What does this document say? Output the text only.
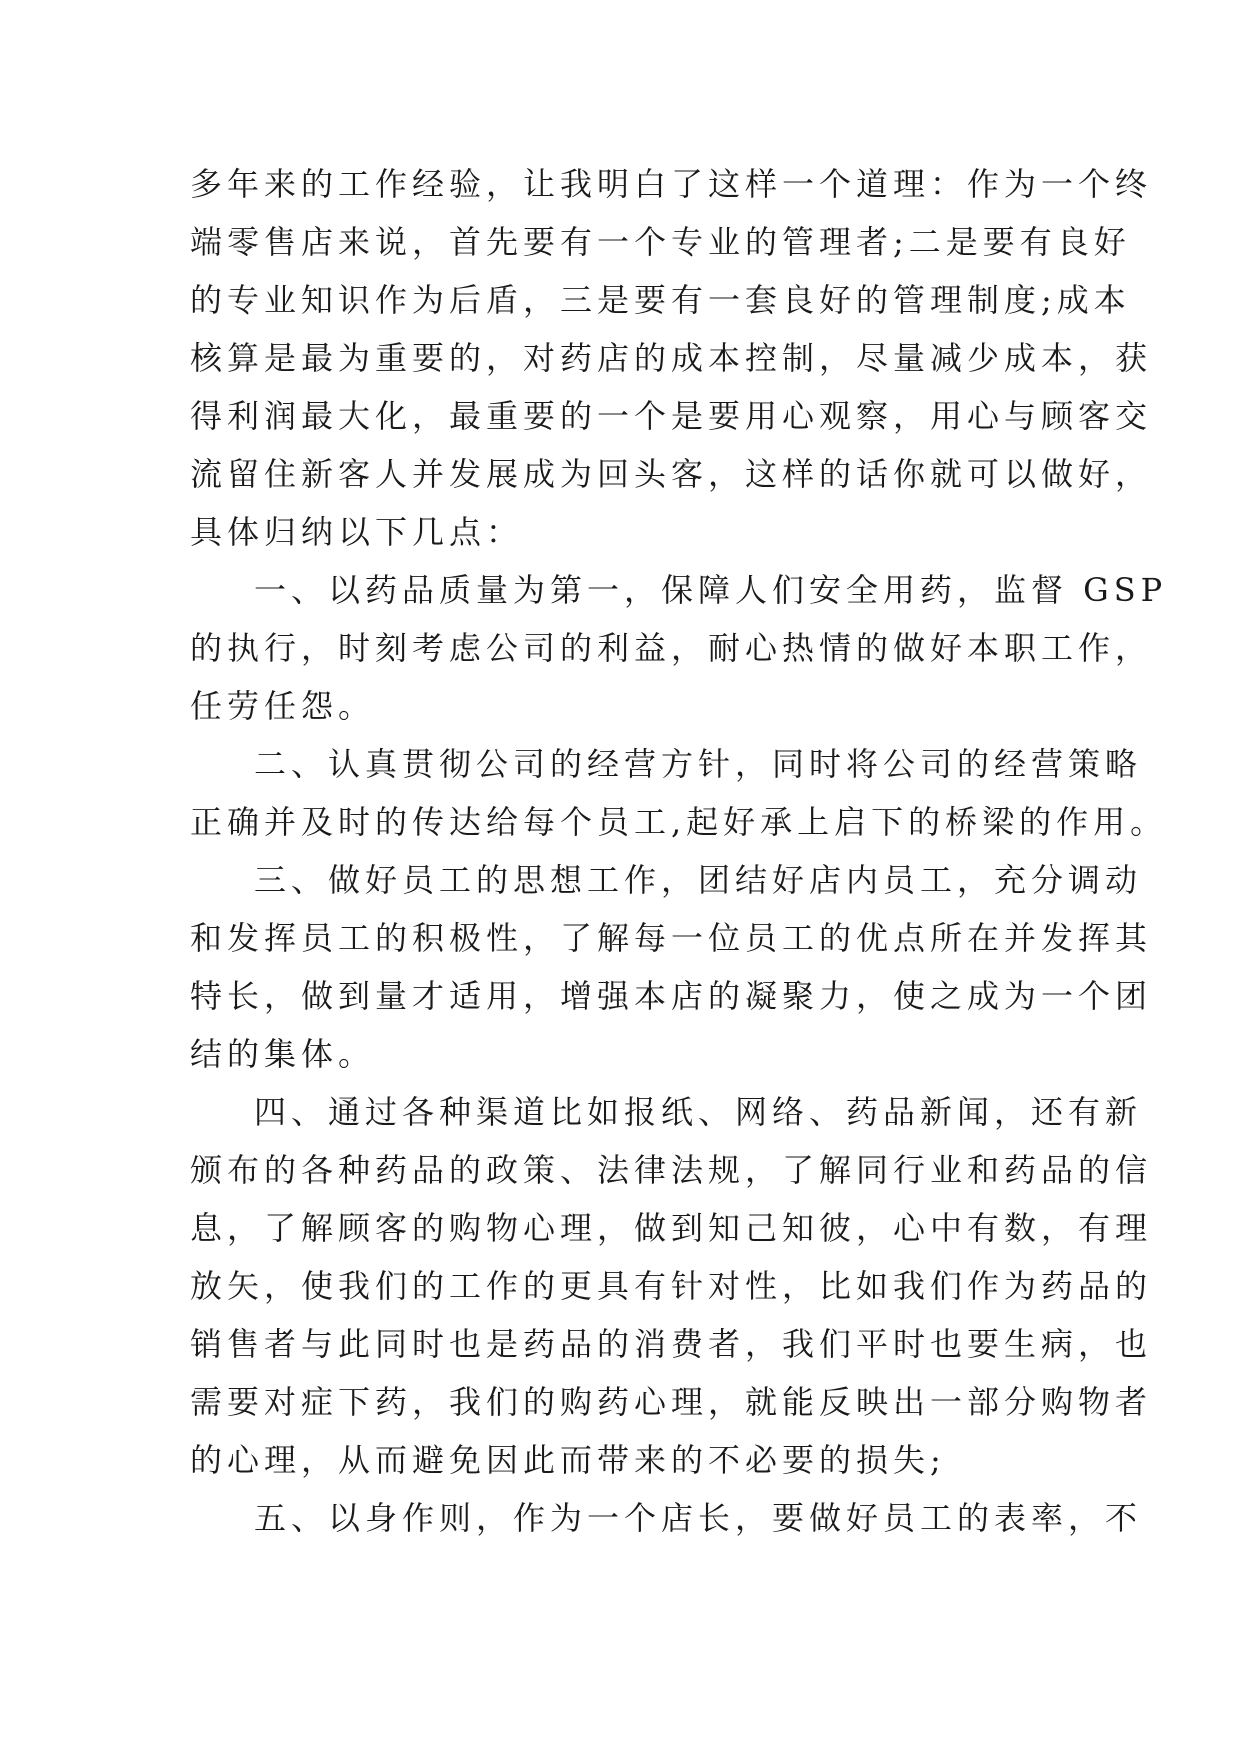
多年来的工作经验，让我明白了这样一个道理：作为一个终
端零售店来说，首先要有一个专业的管理者;二是要有良好
的专业知识作为后盾，三是要有一套良好的管理制度;成本
核算是最为重要的，对药店的成本控制，尽量减少成本，获
得利润最大化，最重要的一个是要用心观察，用心与顾客交
流留住新客人并发展成为回头客，这样的话你就可以做好，
具体归纳以下几点：
一、以药品质量为第一，保障人们安全用药，监督 GSP
的执行，时刻考虑公司的利益，耐心热情的做好本职工作，
任劳任怨。
二、认真贯彻公司的经营方针，同时将公司的经营策略
正确并及时的传达给每个员工,起好承上启下的桥梁的作用。
三、做好员工的思想工作，团结好店内员工，充分调动
和发挥员工的积极性，了解每一位员工的优点所在并发挥其
特长，做到量才适用，增强本店的凝聚力，使之成为一个团
结的集体。
四、通过各种渠道比如报纸、网络、药品新闻，还有新
颁布的各种药品的政策、法律法规，了解同行业和药品的信
息，了解顾客的购物心理，做到知己知彼，心中有数，有理
放矢，使我们的工作的更具有针对性，比如我们作为药品的
销售者与此同时也是药品的消费者，我们平时也要生病，也
需要对症下药，我们的购药心理，就能反映出一部分购物者
的心理，从而避免因此而带来的不必要的损失;
五、以身作则，作为一个店长，要做好员工的表率，不
